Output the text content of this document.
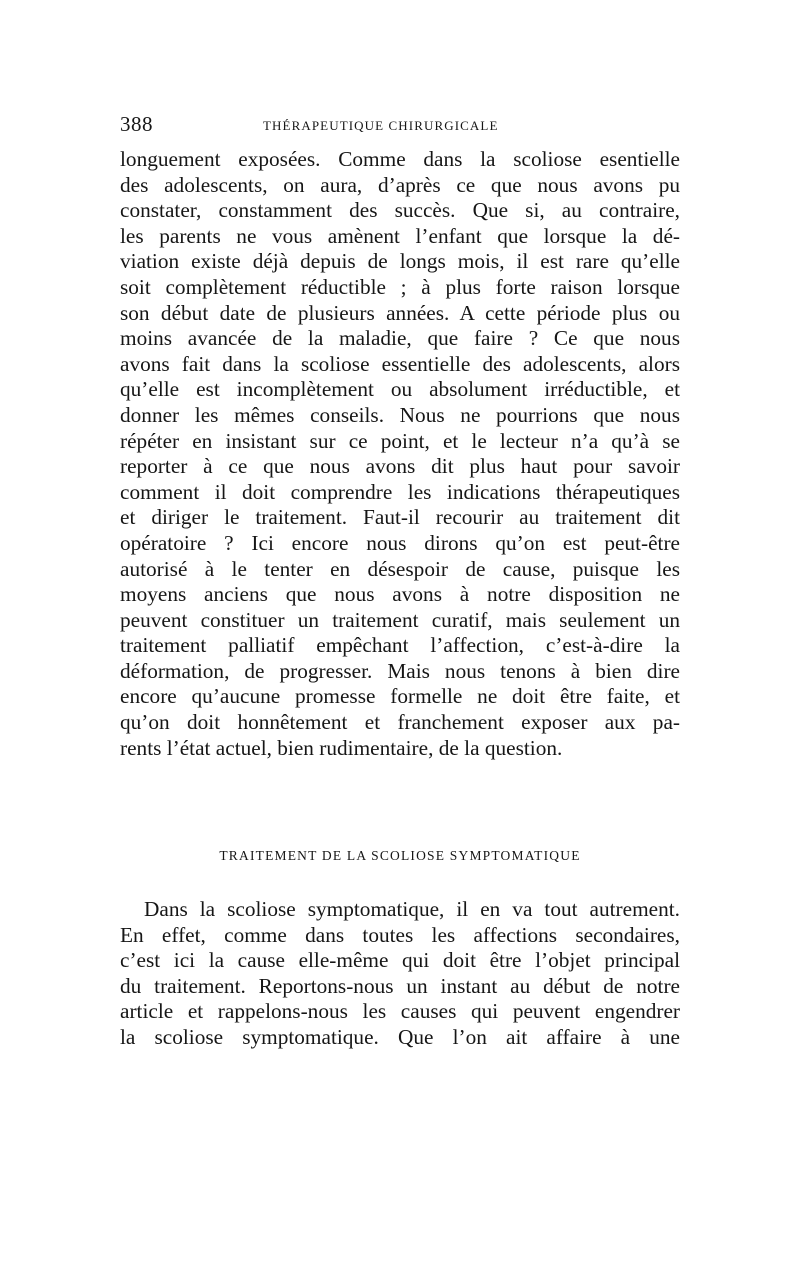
388	THÉRAPEUTIQUE CHIRURGICALE
longuement exposées. Comme dans la scoliose esentielle
des adolescents, on aura, d’après ce que nous avons pu
constater, constamment des succès. Que si, au contraire,
les parents ne vous amènent l’enfant que lorsque la dé-
viation existe déjà depuis de longs mois, il est rare qu’elle
soit complètement réductible ; à plus forte raison lorsque
son début date de plusieurs années. A cette période plus ou
moins avancée de la maladie, que faire ? Ce que nous
avons fait dans la scoliose essentielle des adolescents, alors
qu’elle est incomplètement ou absolument irréductible, et
donner les mêmes conseils. Nous ne pourrions que nous
répéter en insistant sur ce point, et le lecteur n’a qu’à se
reporter à ce que nous avons dit plus haut pour savoir
comment il doit comprendre les indications thérapeutiques
et diriger le traitement. Faut-il recourir au traitement dit
opératoire ? Ici encore nous dirons qu’on est peut-être
autorisé à le tenter en désespoir de cause, puisque les
moyens anciens que nous avons à notre disposition ne
peuvent constituer un traitement curatif, mais seulement un
traitement palliatif empêchant l’affection, c’est-à-dire la
déformation, de progresser. Mais nous tenons à bien dire
encore qu’aucune promesse formelle ne doit être faite, et
qu’on doit honnêtement et franchement exposer aux pa-
rents l’état actuel, bien rudimentaire, de la question.
TRAITEMENT DE LA SCOLIOSE SYMPTOMATIQUE
Dans la scoliose symptomatique, il en va tout autrement.
En effet, comme dans toutes les affections secondaires,
c’est ici la cause elle-même qui doit être l’objet principal
du traitement. Reportons-nous un instant au début de notre
article et rappelons-nous les causes qui peuvent engendrer
la scoliose symptomatique. Que l’on ait affaire à une
